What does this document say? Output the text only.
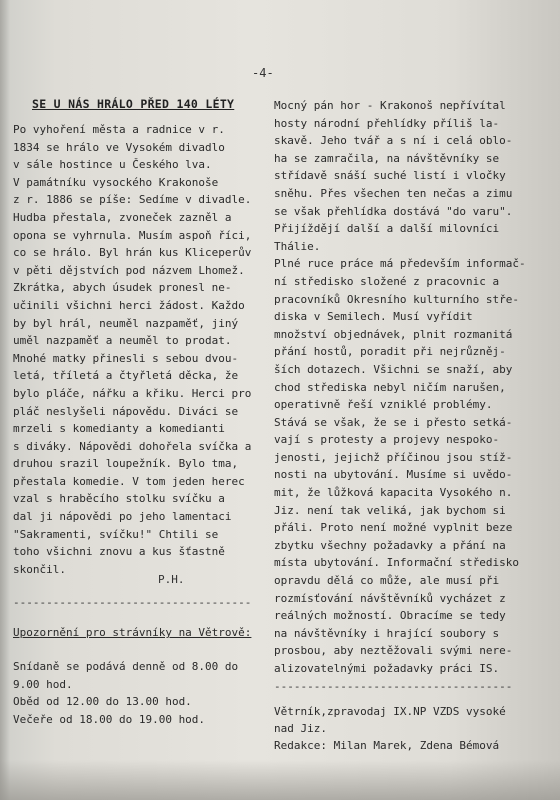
-4-
SE U NÁS HRÁLO PŘED 140 LÉTY

Po vyhoření města a radnice v r.

1834 se hrálo ve Vysokém divadlo

v sále hostince u Českého lva.

V památníku vysockého Krakonoše

z r. 1886 se píše: Sedíme v divadle.

Hudba přestala, zvoneček zazněl a

opona se vyhrnula. Musím aspoň říci,

co se hrálo. Byl hrán kus Kliceperův

v pěti dějstvích pod názvem Lhomež.

Zkrátka, abych úsudek pronesl ne-

učinili všichni herci žádost. Každo

by byl hrál, neuměl nazpaměť, jiný

uměl nazpaměť a neuměl to prodat.

Mnohé matky přinesli s sebou dvou-

letá, tříletá a čtyřletá děcka, že

bylo pláče, nářku a křiku. Herci pro

pláč neslyšeli nápovědu. Diváci se

mrzeli s komedianty a komedianti

s diváky. Nápovědi dohořela svíčka a

druhou srazil loupežník. Bylo tma,

přestala komedie. V tom jeden herec

vzal s hraběcího stolku svíčku a

dal ji nápovědi po jeho lamentaci

"Sakramenti, svíčku!" Chtili se

toho všichni znovu a kus šťastně

skončil.

P.H.
------------------------------------
Upozornění pro strávníky na Větrově:

Snídaně se podává denně od 8.00 do

9.00 hod.

Oběd od 12.00 do 13.00 hod.

Večeře od 18.00 do 19.00 hod.

Mocný pán hor - Krakonoš nepřívítal

hosty národní přehlídky příliš la-

skavě. Jeho tvář a s ní i celá oblo-

ha se zamračila, na návštěvníky se

střídavě snáší suché listí i vločky

sněhu. Přes všechen ten nečas a zimu

se však přehlídka dostává "do varu".

Přijíždějí další a další milovníci

Thálie.

Plné ruce práce má především informač-

ní středisko složené z pracovnic a

pracovníků Okresního kulturního stře-

diska v Semilech. Musí vyřídit

množství objednávek, plnit rozmanitá

přání hostů, poradit při nejrůzněj-

ších dotazech. Všichni se snaží, aby

chod střediska nebyl ničím narušen,

operativně řeší vzniklé problémy.

Stává se však, že se i přesto setká-

vají s protesty a projevy nespoko-

jenosti, jejichž příčinou jsou stíž-

nosti na ubytování. Musíme si uvědo-

mit, že lůžková kapacita Vysokého n.

Jiz. není tak veliká, jak bychom si

přáli. Proto není možné vyplnit beze

zbytku všechny požadavky a přání na

místa ubytování. Informační středisko

opravdu dělá co může, ale musí při

rozmísťování návštěvníků vycházet z

reálných možností. Obracíme se tedy

na návštěvníky i hrající soubory s

prosbou, aby neztěžovali svými nere-

alizovatelnými požadavky práci IS.

------------------------------------

Větrník,zpravodaj IX.NP VZDS vysoké

nad Jiz.

Redakce: Milan Marek, Zdena Bémová
